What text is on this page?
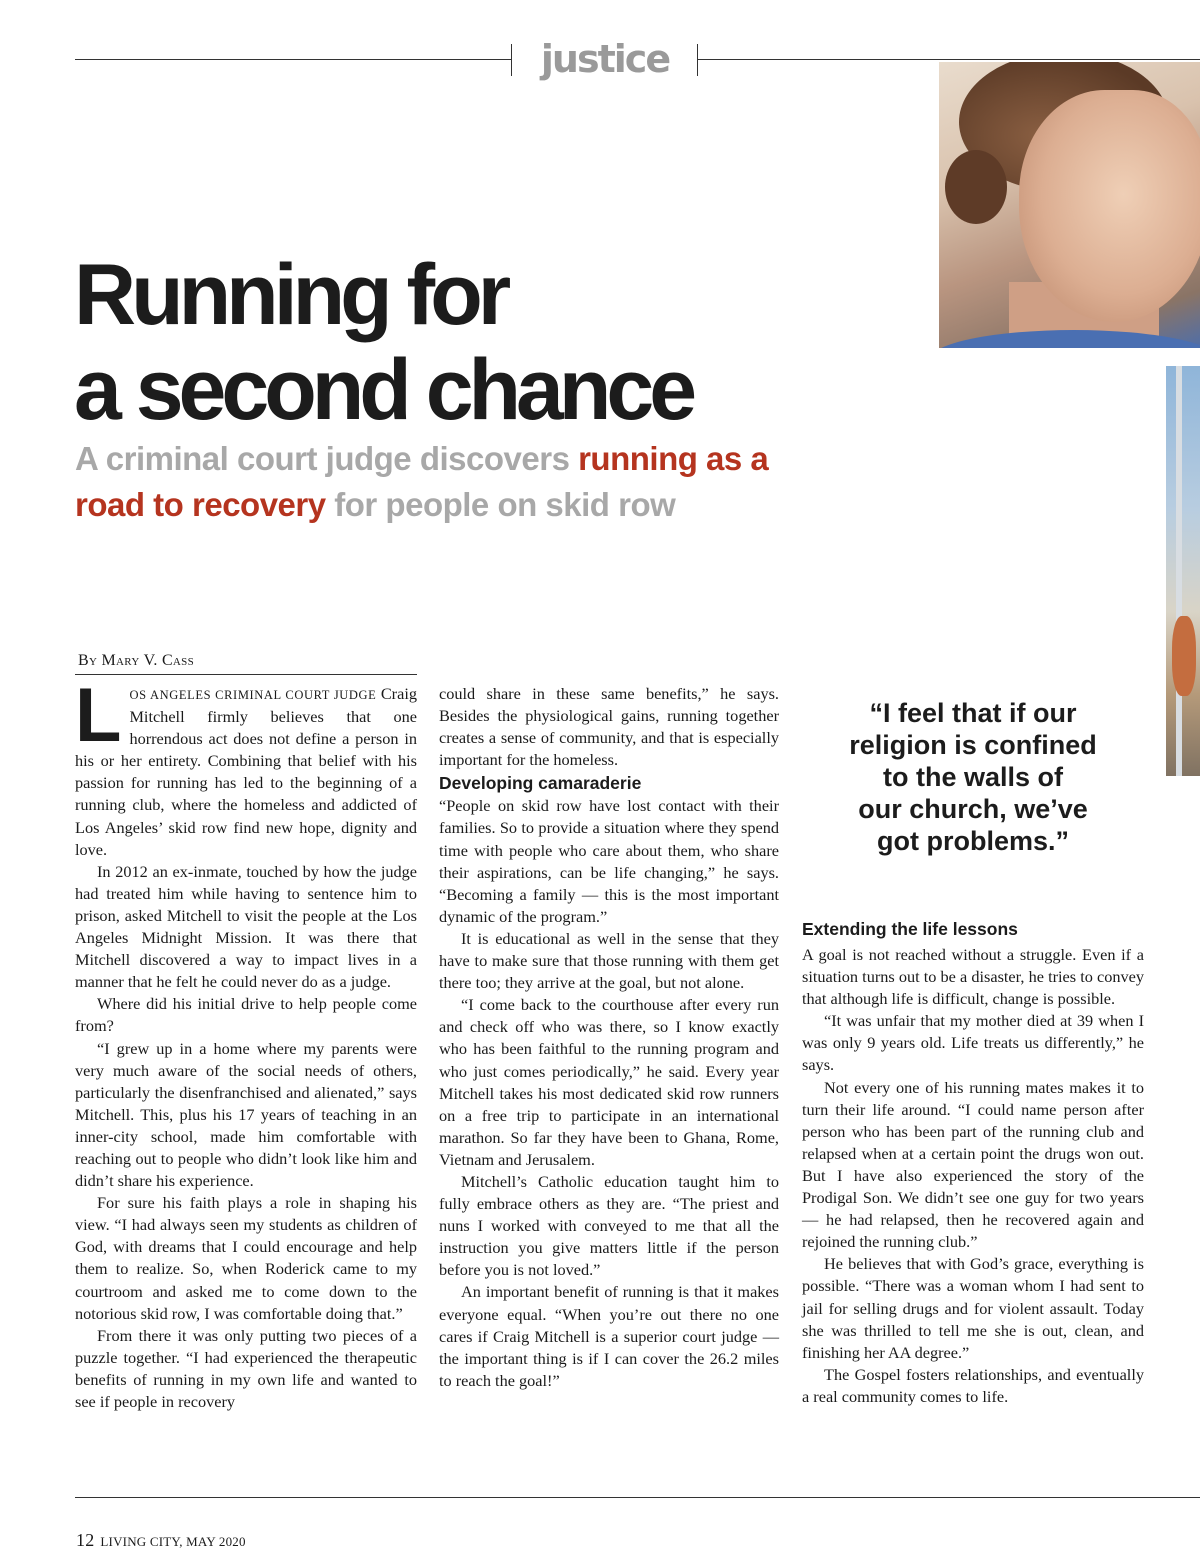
justice
Running for
a second chance
A criminal court judge discovers running as a
road to recovery for people on skid row
By Mary V. Cass

LOS ANGELES CRIMINAL COURT JUDGE Craig Mitchell firmly believes that one horrendous act does not define a person in his or her entirety. Combining that belief with his passion for running has led to the beginning of a running club, where the homeless and addicted of Los Angeles’ skid row find new hope, dignity and love.

In 2012 an ex-inmate, touched by how the judge had treated him while having to sentence him to prison, asked Mitchell to visit the people at the Los Angeles Midnight Mission. It was there that Mitchell discovered a way to impact lives in a manner that he felt he could never do as a judge.

Where did his initial drive to help people come from?

“I grew up in a home where my parents were very much aware of the social needs of others, particularly the disenfranchised and alienated,” says Mitchell. This, plus his 17 years of teaching in an inner-city school, made him comfortable with reaching out to people who didn’t look like him and didn’t share his experience.

For sure his faith plays a role in shaping his view. “I had always seen my students as children of God, with dreams that I could encourage and help them to realize. So, when Roderick came to my courtroom and asked me to come down to the notorious skid row, I was comfortable doing that.”

From there it was only putting two pieces of a puzzle together. “I had experienced the therapeutic benefits of running in my own life and wanted to see if people in recovery

could share in these same benefits,” he says. Besides the physiological gains, running together creates a sense of community, and that is especially important for the homeless.

Developing camaraderie

“People on skid row have lost contact with their families. So to provide a situation where they spend time with people who care about them, who share their aspirations, can be life changing,” he says. “Becoming a family — this is the most important dynamic of the program.”

It is educational as well in the sense that they have to make sure that those running with them get there too; they arrive at the goal, but not alone.

“I come back to the courthouse after every run and check off who was there, so I know exactly who has been faithful to the running program and who just comes periodically,” he said. Every year Mitchell takes his most dedicated skid row runners on a free trip to participate in an international marathon. So far they have been to Ghana, Rome, Vietnam and Jerusalem.

Mitchell’s Catholic education taught him to fully embrace others as they are. “The priest and nuns I worked with conveyed to me that all the instruction you give matters little if the person before you is not loved.”

An important benefit of running is that it makes everyone equal. “When you’re out there no one cares if Craig Mitchell is a superior court judge — the important thing is if I can cover the 26.2 miles to reach the goal!”

“I feel that if our
religion is confined
to the walls of
our church, we’ve
got problems.”
Extending the life lessons

A goal is not reached without a struggle. Even if a situation turns out to be a disaster, he tries to convey that although life is difficult, change is possible.

“It was unfair that my mother died at 39 when I was only 9 years old. Life treats us differently,” he says.

Not every one of his running mates makes it to turn their life around. “I could name person after person who has been part of the running club and relapsed when at a certain point the drugs won out. But I have also experienced the story of the Prodigal Son. We didn’t see one guy for two years — he had relapsed, then he recovered again and rejoined the running club.”

He believes that with God’s grace, everything is possible. “There was a woman whom I had sent to jail for selling drugs and for violent assault. Today she was thrilled to tell me she is out, clean, and finishing her AA degree.”

The Gospel fosters relationships, and eventually a real community comes to life.

12 LIVING CITY, MAY 2020
